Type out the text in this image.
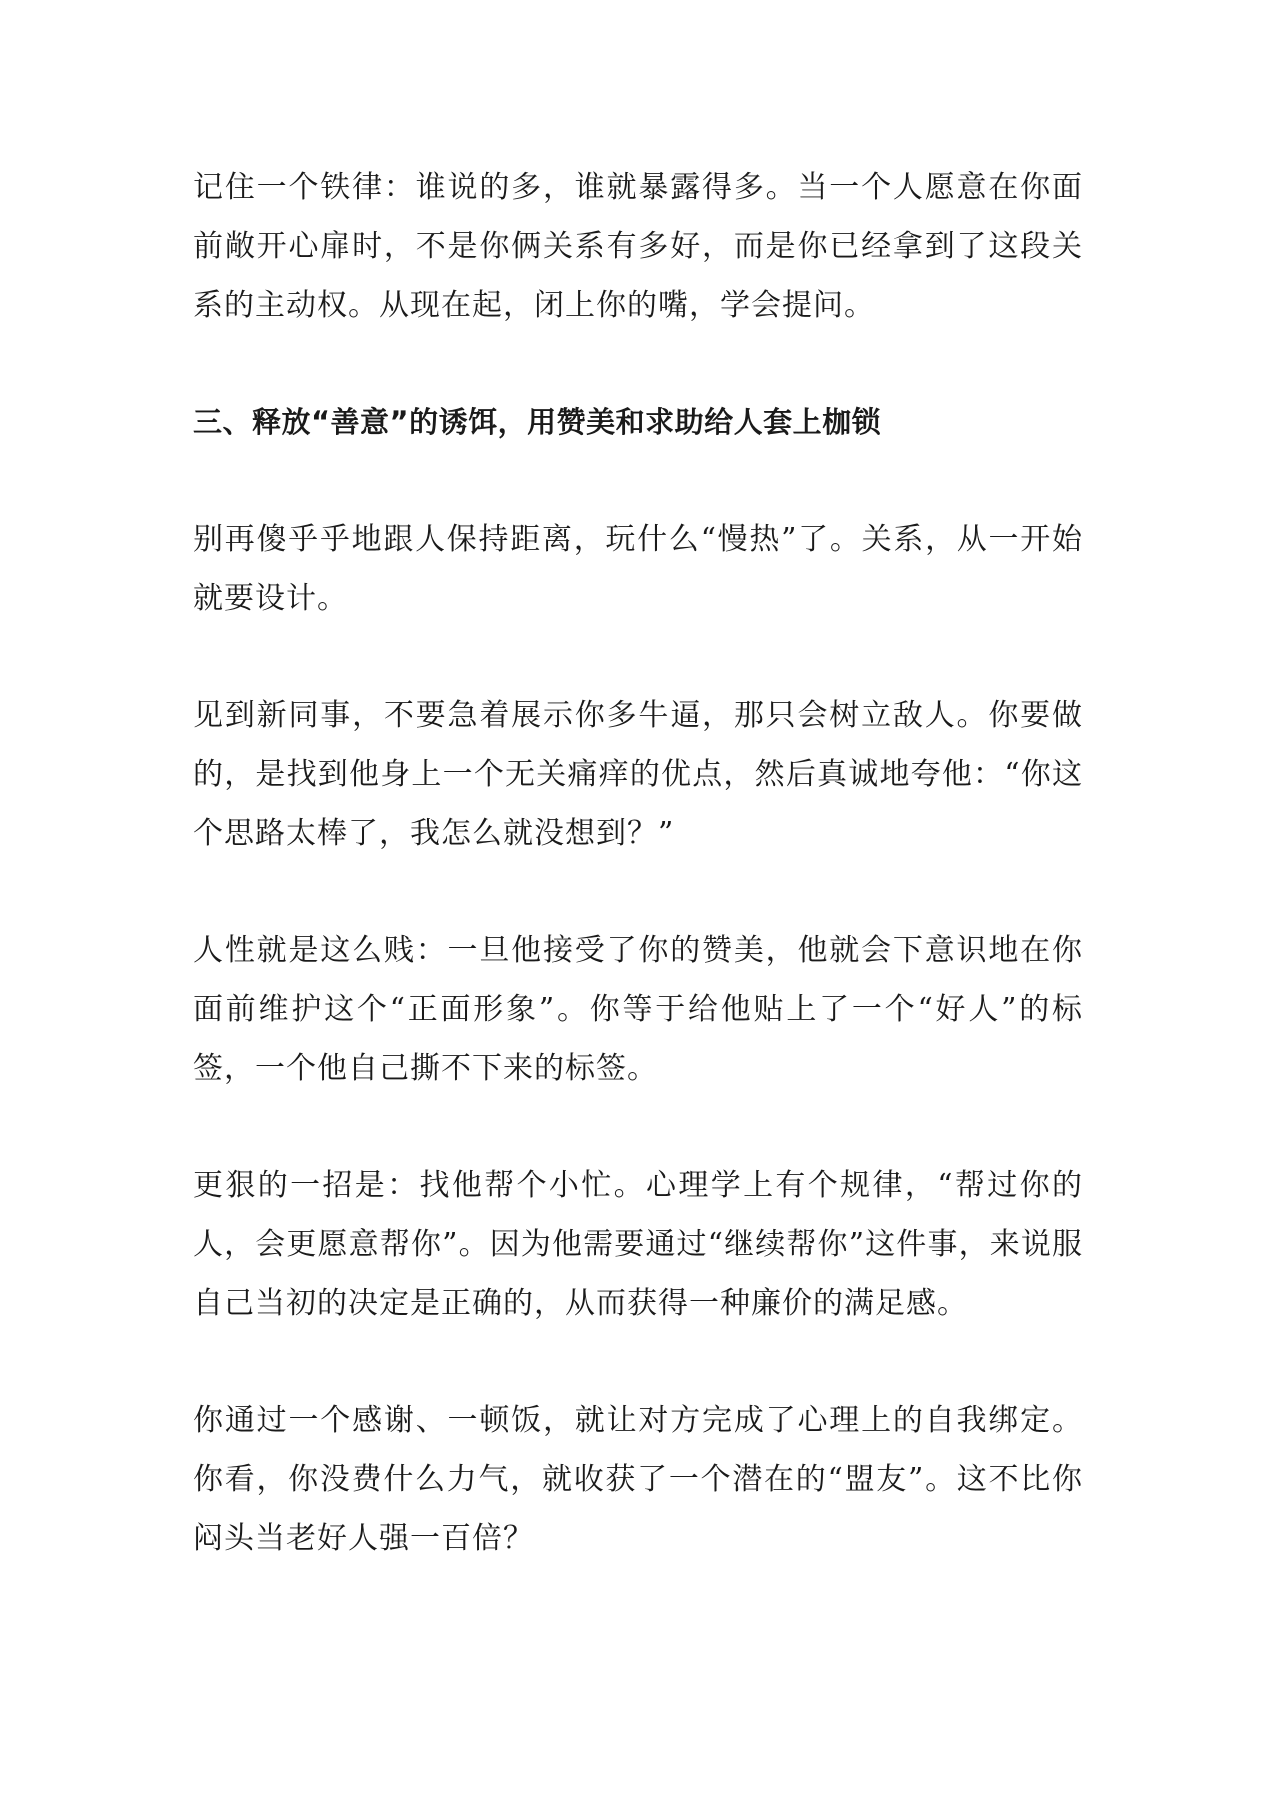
记住一个铁律：谁说的多，谁就暴露得多。当一个人愿意在你面前敞开心扉时，不是你俩关系有多好，而是你已经拿到了这段关系的主动权。从现在起，闭上你的嘴，学会提问。

三、释放“善意”的诱饵，用赞美和求助给人套上枷锁

别再傻乎乎地跟人保持距离，玩什么“慢热”了。关系，从一开始就要设计。

见到新同事，不要急着展示你多牛逼，那只会树立敌人。你要做的，是找到他身上一个无关痛痒的优点，然后真诚地夸他：“你这个思路太棒了，我怎么就没想到？”

人性就是这么贱：一旦他接受了你的赞美，他就会下意识地在你面前维护这个“正面形象”。你等于给他贴上了一个“好人”的标签，一个他自己撕不下来的标签。

更狠的一招是：找他帮个小忙。心理学上有个规律，“帮过你的人，会更愿意帮你”。因为他需要通过“继续帮你”这件事，来说服自己当初的决定是正确的，从而获得一种廉价的满足感。

你通过一个感谢、一顿饭，就让对方完成了心理上的自我绑定。你看，你没费什么力气，就收获了一个潜在的“盟友”。这不比你闷头当老好人强一百倍？
